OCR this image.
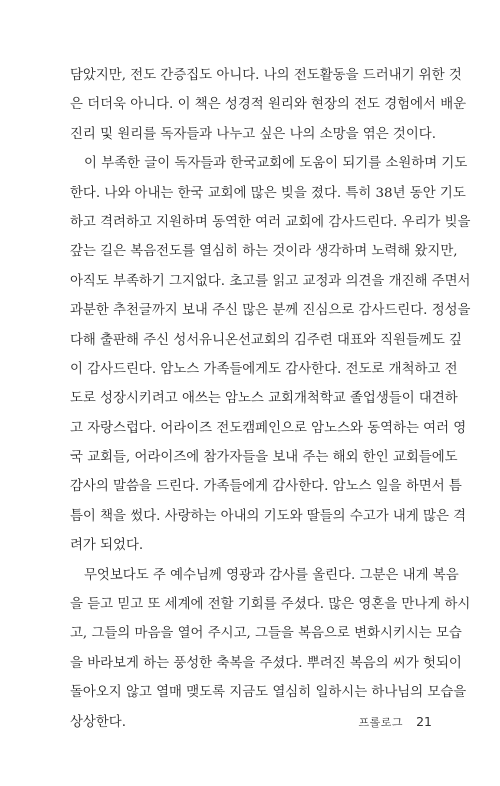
담았지만, 전도 간증집도 아니다. 나의 전도활동을 드러내기 위한 것
은 더더욱 아니다. 이 책은 성경적 원리와 현장의 전도 경험에서 배운
진리 및 원리를 독자들과 나누고 싶은 나의 소망을 엮은 것이다.
이 부족한 글이 독자들과 한국교회에 도움이 되기를 소원하며 기도
한다. 나와 아내는 한국 교회에 많은 빚을 졌다. 특히 38년 동안 기도
하고 격려하고 지원하며 동역한 여러 교회에 감사드린다. 우리가 빚을
갚는 길은 복음전도를 열심히 하는 것이라 생각하며 노력해 왔지만,
아직도 부족하기 그지없다. 초고를 읽고 교정과 의견을 개진해 주면서
과분한 추천글까지 보내 주신 많은 분께 진심으로 감사드린다. 정성을
다해 출판해 주신 성서유니온선교회의 김주련 대표와 직원들께도 깊
이 감사드린다. 암노스 가족들에게도 감사한다. 전도로 개척하고 전
도로 성장시키려고 애쓰는 암노스 교회개척학교 졸업생들이 대견하
고 자랑스럽다. 어라이즈 전도캠페인으로 암노스와 동역하는 여러 영
국 교회들, 어라이즈에 참가자들을 보내 주는 해외 한인 교회들에도
감사의 말씀을 드린다. 가족들에게 감사한다. 암노스 일을 하면서 틈
틈이 책을 썼다. 사랑하는 아내의 기도와 딸들의 수고가 내게 많은 격
려가 되었다.
무엇보다도 주 예수님께 영광과 감사를 올린다. 그분은 내게 복음
을 듣고 믿고 또 세계에 전할 기회를 주셨다. 많은 영혼을 만나게 하시
고, 그들의 마음을 열어 주시고, 그들을 복음으로 변화시키시는 모습
을 바라보게 하는 풍성한 축복을 주셨다. 뿌려진 복음의 씨가 헛되이
돌아오지 않고 열매 맺도록 지금도 열심히 일하시는 하나님의 모습을
상상한다.	프롤로그 21
